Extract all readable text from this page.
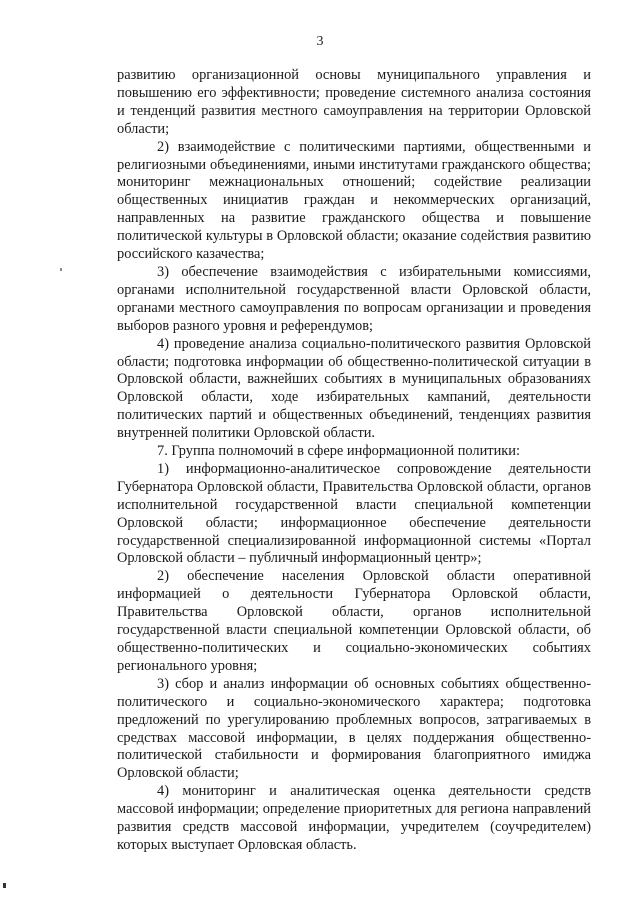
3

развитию организационной основы муниципального управления и повышению его эффективности; проведение системного анализа состояния и тенденций развития местного самоуправления на территории Орловской области;

2) взаимодействие с политическими партиями, общественными и религиозными объединениями, иными институтами гражданского общества; мониторинг межнациональных отношений; содействие реализации общественных инициатив граждан и некоммерческих организаций, направленных на развитие гражданского общества и повышение политической культуры в Орловской области; оказание содействия развитию российского казачества;

3) обеспечение взаимодействия с избирательными комиссиями, органами исполнительной государственной власти Орловской области, органами местного самоуправления по вопросам организации и проведения выборов разного уровня и референдумов;

4) проведение анализа социально-политического развития Орловской области; подготовка информации об общественно-политической ситуации в Орловской области, важнейших событиях в муниципальных образованиях Орловской области, ходе избирательных кампаний, деятельности политических партий и общественных объединений, тенденциях развития внутренней политики Орловской области.

7. Группа полномочий в сфере информационной политики:

1) информационно-аналитическое сопровождение деятельности Губернатора Орловской области, Правительства Орловской области, органов исполнительной государственной власти специальной компетенции Орловской области; информационное обеспечение деятельности государственной специализированной информационной системы «Портал Орловской области – публичный информационный центр»;

2) обеспечение населения Орловской области оперативной информацией о деятельности Губернатора Орловской области, Правительства Орловской области, органов исполнительной государственной власти специальной компетенции Орловской области, об общественно-политических и социально-экономических событиях регионального уровня;

3) сбор и анализ информации об основных событиях общественно-политического и социально-экономического характера; подготовка предложений по урегулированию проблемных вопросов, затрагиваемых в средствах массовой информации, в целях поддержания общественно-политической стабильности и формирования благоприятного имиджа Орловской области;

4) мониторинг и аналитическая оценка деятельности средств массовой информации; определение приоритетных для региона направлений развития средств массовой информации, учредителем (соучредителем) которых выступает Орловская область.
